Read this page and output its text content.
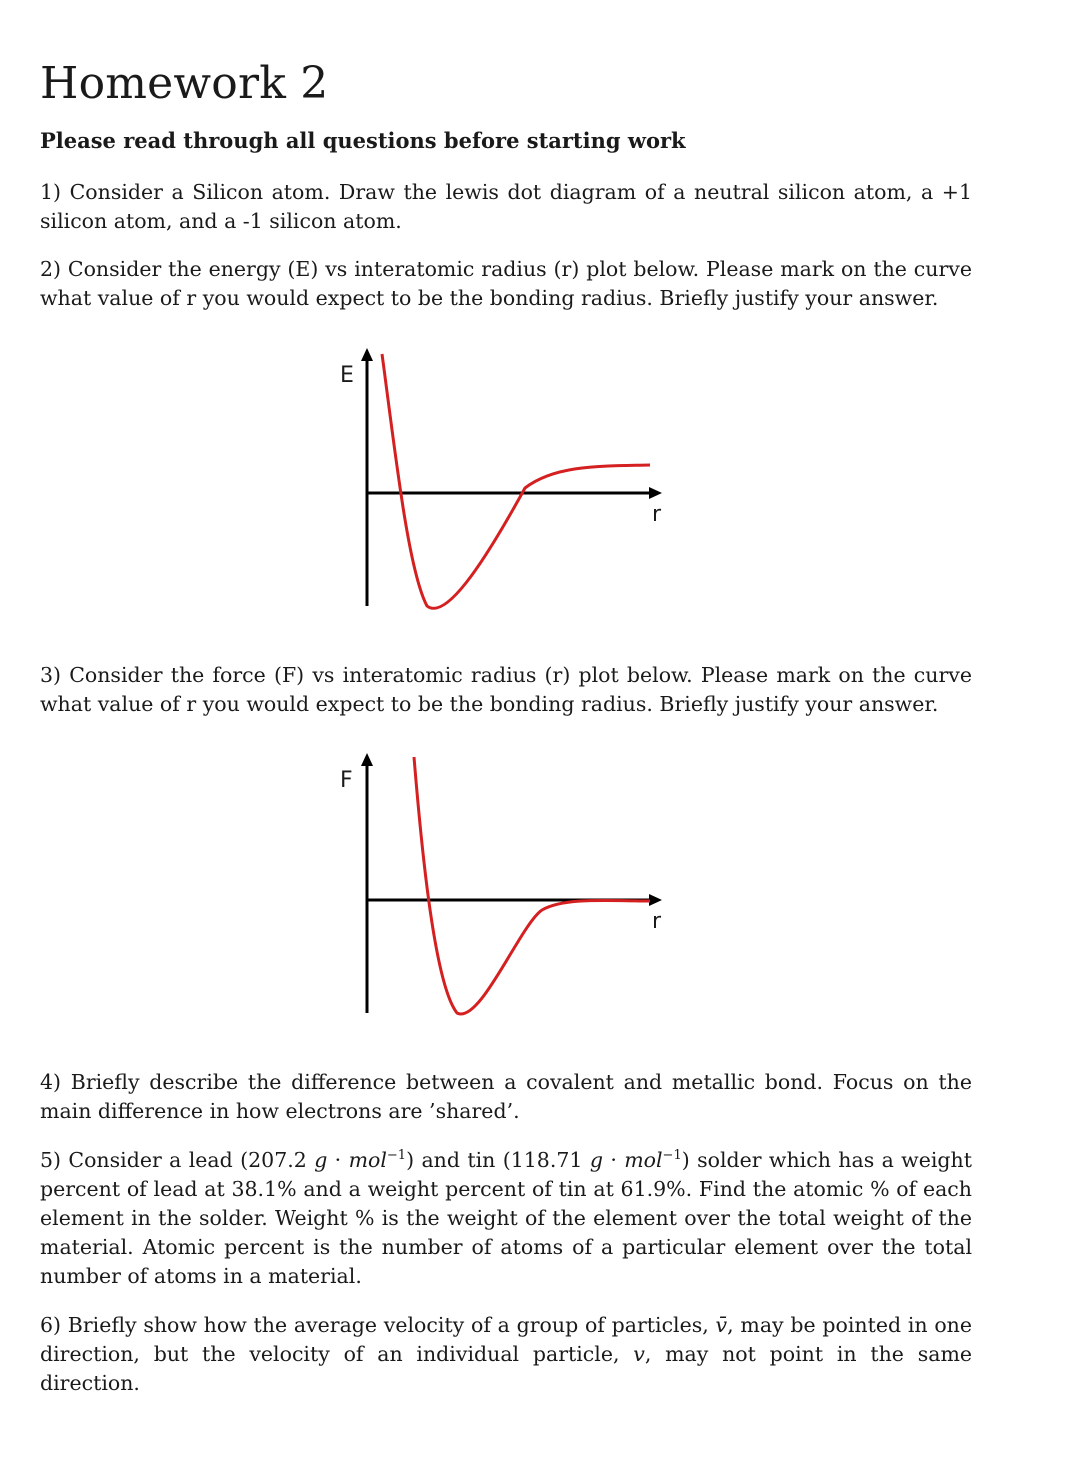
Homework 2

Please read through all questions before starting work

1) Consider a Silicon atom. Draw the lewis dot diagram of a neutral silicon atom, a +1 silicon atom, and a -1 silicon atom.

2) Consider the energy (E) vs interatomic radius (r) plot below. Please mark on the curve what value of r you would expect to be the bonding radius. Briefly justify your answer.

E
r

3) Consider the force (F) vs interatomic radius (r) plot below. Please mark on the curve what value of r you would expect to be the bonding radius. Briefly justify your answer.

F
r

4) Briefly describe the difference between a covalent and metallic bond. Focus on the main difference in how electrons are ’shared’.

5) Consider a lead (207.2 g · mol$^{-1}$) and tin (118.71 g · mol$^{-1}$) solder which has a weight percent of lead at 38.1% and a weight percent of tin at 61.9%. Find the atomic % of each element in the solder. Weight % is the weight of the element over the total weight of the material. Atomic percent is the number of atoms of a particular element over the total number of atoms in a material.

6) Briefly show how the average velocity of a group of particles, v̄, may be pointed in one direction, but the velocity of an individual particle, v, may not point in the same direction.
